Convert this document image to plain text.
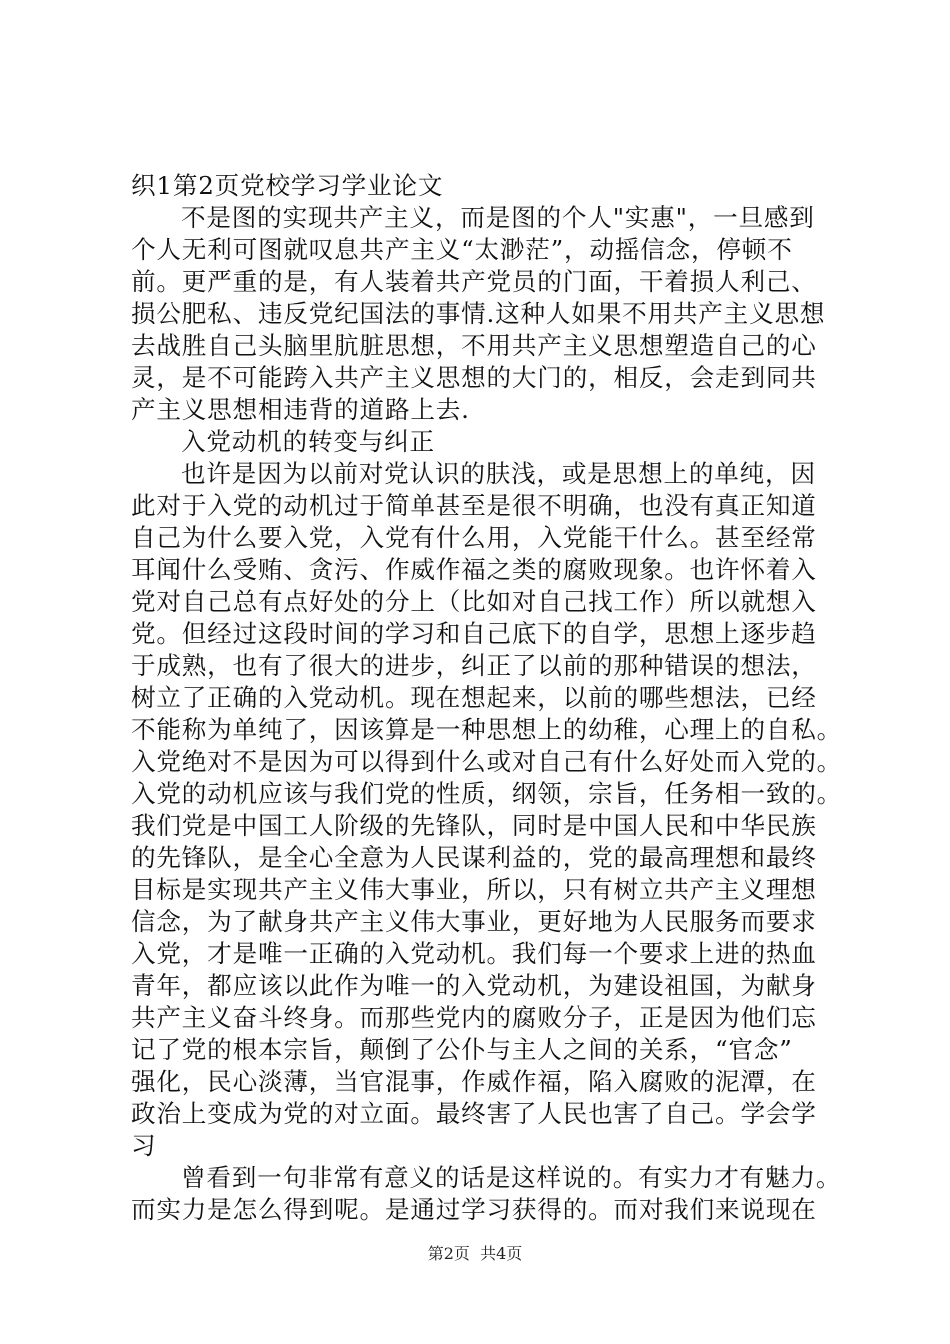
织1第2页党校学习学业论文
不是图的实现共产主义，而是图的个人"实惠"，一旦感到
个人无利可图就叹息共产主义“太渺茫”，动摇信念，停顿不
前。更严重的是，有人装着共产党员的门面，干着损人利己、
损公肥私、违反党纪国法的事情.这种人如果不用共产主义思想
去战胜自己头脑里肮脏思想，不用共产主义思想塑造自己的心
灵，是不可能跨入共产主义思想的大门的，相反，会走到同共
产主义思想相违背的道路上去.
入党动机的转变与纠正
也许是因为以前对党认识的肤浅，或是思想上的单纯，因
此对于入党的动机过于简单甚至是很不明确，也没有真正知道
自己为什么要入党，入党有什么用，入党能干什么。甚至经常
耳闻什么受贿、贪污、作威作福之类的腐败现象。也许怀着入
党对自己总有点好处的分上（比如对自己找工作）所以就想入
党。但经过这段时间的学习和自己底下的自学，思想上逐步趋
于成熟，也有了很大的进步，纠正了以前的那种错误的想法，
树立了正确的入党动机。现在想起来，以前的哪些想法，已经
不能称为单纯了，因该算是一种思想上的幼稚，心理上的自私。
入党绝对不是因为可以得到什么或对自己有什么好处而入党的。
入党的动机应该与我们党的性质，纲领，宗旨，任务相一致的。
我们党是中国工人阶级的先锋队，同时是中国人民和中华民族
的先锋队，是全心全意为人民谋利益的，党的最高理想和最终
目标是实现共产主义伟大事业，所以，只有树立共产主义理想
信念，为了献身共产主义伟大事业，更好地为人民服务而要求
入党，才是唯一正确的入党动机。我们每一个要求上进的热血
青年，都应该以此作为唯一的入党动机，为建设祖国，为献身
共产主义奋斗终身。而那些党内的腐败分子，正是因为他们忘
记了党的根本宗旨，颠倒了公仆与主人之间的关系，“官念”
强化，民心淡薄，当官混事，作威作福，陷入腐败的泥潭，在
政治上变成为党的对立面。最终害了人民也害了自己。学会学
习
曾看到一句非常有意义的话是这样说的。有实力才有魅力。
而实力是怎么得到呢。是通过学习获得的。而对我们来说现在
第2页  共4页
